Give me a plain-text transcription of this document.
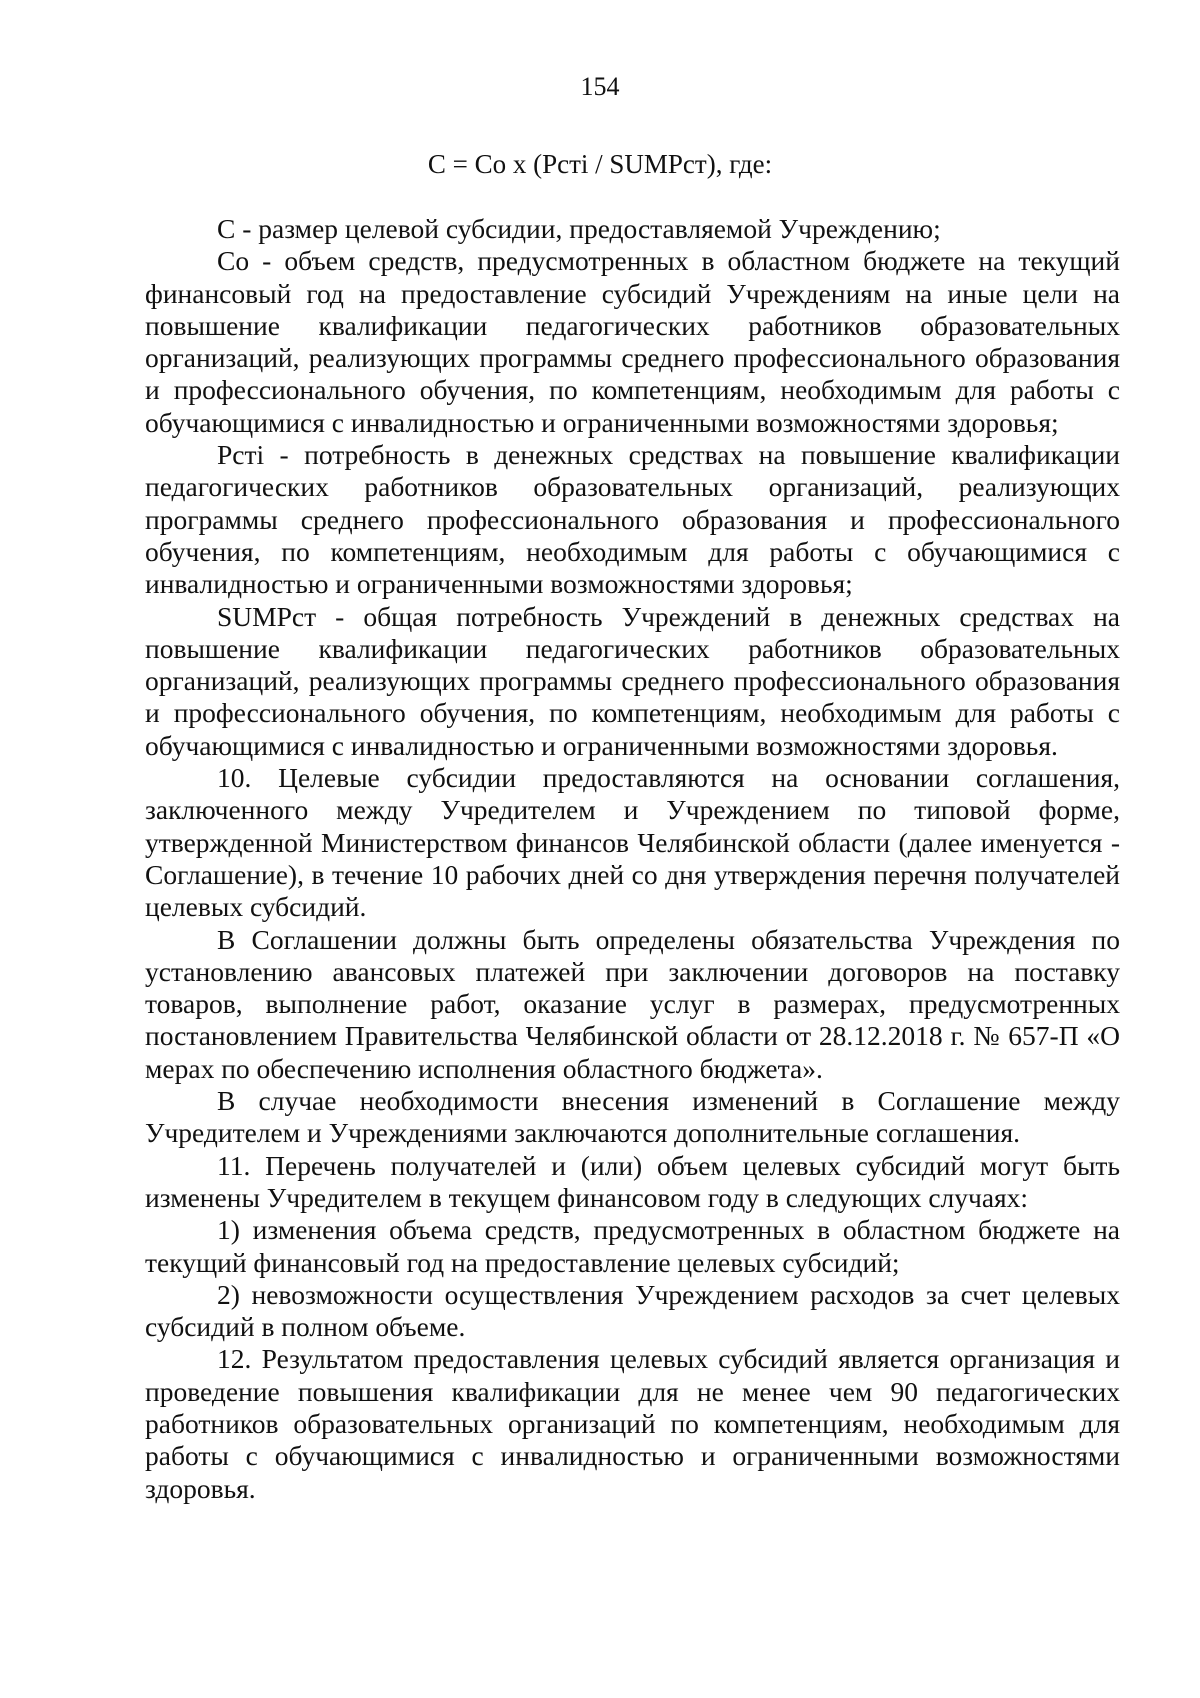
154
С = Со х (Рсті / SUMРст), где:

С - размер целевой субсидии, предоставляемой Учреждению;

Со - объем средств, предусмотренных в областном бюджете на текущий финансовый год на предоставление субсидий Учреждениям на иные цели на повышение квалификации педагогических работников образовательных организаций, реализующих программы среднего профессионального образования и профессионального обучения, по компетенциям, необходимым для работы с обучающимися с инвалидностью и ограниченными возможностями здоровья;

Рсті - потребность в денежных средствах на повышение квалификации педагогических работников образовательных организаций, реализующих программы среднего профессионального образования и профессионального обучения, по компетенциям, необходимым для работы с обучающимися с инвалидностью и ограниченными возможностями здоровья;

SUMРст - общая потребность Учреждений в денежных средствах на повышение квалификации педагогических работников образовательных организаций, реализующих программы среднего профессионального образования и профессионального обучения, по компетенциям, необходимым для работы с обучающимися с инвалидностью и ограниченными возможностями здоровья.

10. Целевые субсидии предоставляются на основании соглашения, заключенного между Учредителем и Учреждением по типовой форме, утвержденной Министерством финансов Челябинской области (далее именуется - Соглашение), в течение 10 рабочих дней со дня утверждения перечня получателей целевых субсидий.

В Соглашении должны быть определены обязательства Учреждения по установлению авансовых платежей при заключении договоров на поставку товаров, выполнение работ, оказание услуг в размерах, предусмотренных постановлением Правительства Челябинской области от 28.12.2018 г. № 657-П «О мерах по обеспечению исполнения областного бюджета».

В случае необходимости внесения изменений в Соглашение между Учредителем и Учреждениями заключаются дополнительные соглашения.

11. Перечень получателей и (или) объем целевых субсидий могут быть изменены Учредителем в текущем финансовом году в следующих случаях:

1) изменения объема средств, предусмотренных в областном бюджете на текущий финансовый год на предоставление целевых субсидий;

2) невозможности осуществления Учреждением расходов за счет целевых субсидий в полном объеме.

12. Результатом предоставления целевых субсидий является организация и проведение повышения квалификации для не менее чем 90 педагогических работников образовательных организаций по компетенциям, необходимым для работы с обучающимися с инвалидностью и ограниченными возможностями здоровья.
